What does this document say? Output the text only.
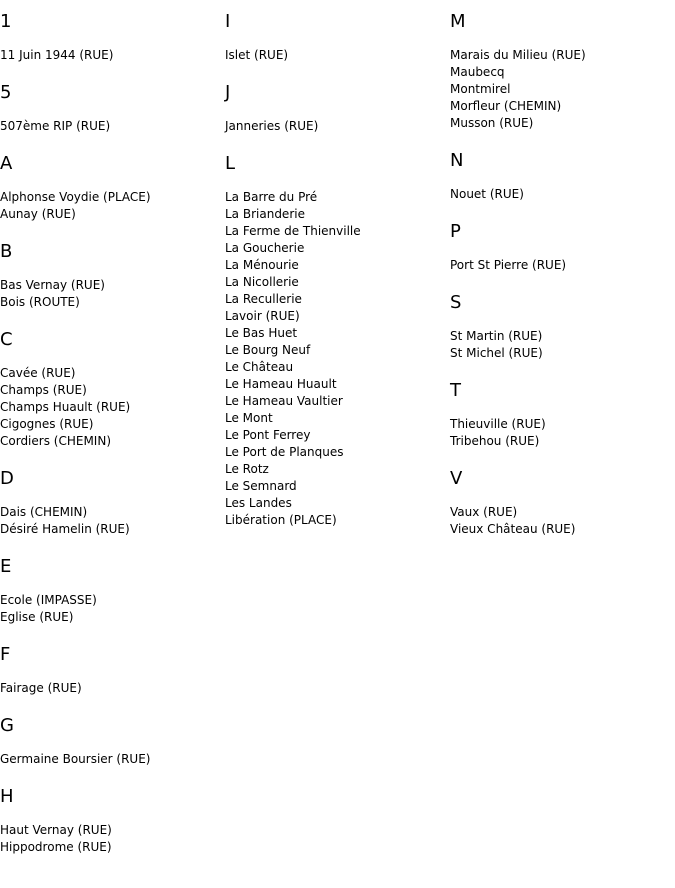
1
11 Juin 1944 (RUE)
5
507ème RIP (RUE)
A
Alphonse Voydie (PLACE)
Aunay (RUE)
B
Bas Vernay (RUE)
Bois (ROUTE)
C
Cavée (RUE)
Champs (RUE)
Champs Huault (RUE)
Cigognes (RUE)
Cordiers (CHEMIN)
D
Dais (CHEMIN)
Désiré Hamelin (RUE)
E
Ecole (IMPASSE)
Eglise (RUE)
F
Fairage (RUE)
G
Germaine Boursier (RUE)
H
Haut Vernay (RUE)
Hippodrome (RUE)
I
Islet (RUE)
J
Janneries (RUE)
L
La Barre du Pré
La Brianderie
La Ferme de Thienville
La Goucherie
La Ménourie
La Nicollerie
La Recullerie
Lavoir (RUE)
Le Bas Huet
Le Bourg Neuf
Le Château
Le Hameau Huault
Le Hameau Vaultier
Le Mont
Le Pont Ferrey
Le Port de Planques
Le Rotz
Le Semnard
Les Landes
Libération (PLACE)
M
Marais du Milieu (RUE)
Maubecq
Montmirel
Morfleur (CHEMIN)
Musson (RUE)
N
Nouet (RUE)
P
Port St Pierre (RUE)
S
St Martin (RUE)
St Michel (RUE)
T
Thieuville (RUE)
Tribehou (RUE)
V
Vaux (RUE)
Vieux Château (RUE)
